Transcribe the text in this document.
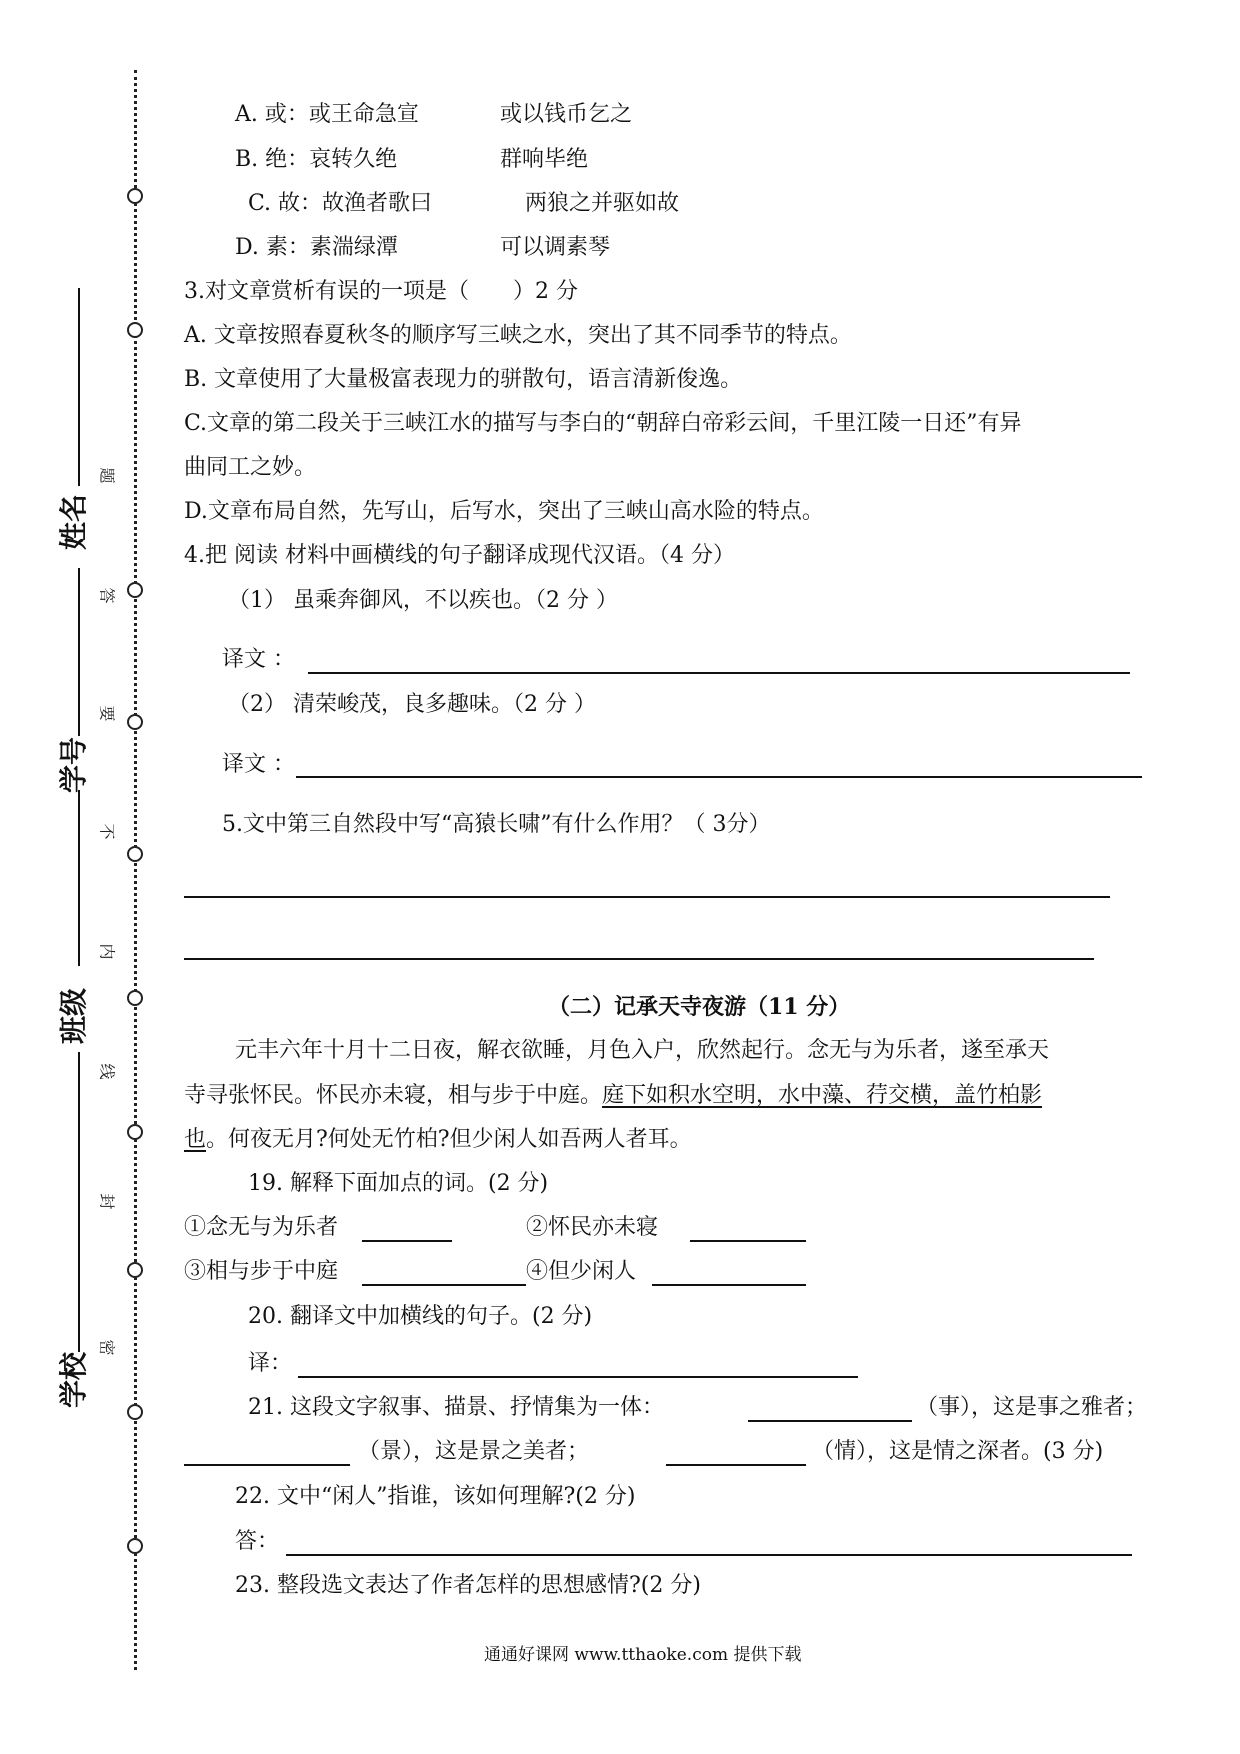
姓名
学号
班级
学校
题
答
要
不
内
线
封
密
A. 或：或王命急宣	或以钱币乞之
B. 绝：哀转久绝	群响毕绝
C. 故：故渔者歌曰	两狼之并驱如故
D. 素：素湍绿潭	可以调素琴
3.对文章赏析有误的一项是（　　）2 分
A. 文章按照春夏秋冬的顺序写三峡之水，突出了其不同季节的特点。
B. 文章使用了大量极富表现力的骈散句，语言清新俊逸。
C.文章的第二段关于三峡江水的描写与李白的“朝辞白帝彩云间，千里江陵一日还”有异
曲同工之妙。
D.文章布局自然，先写山，后写水，突出了三峡山高水险的特点。
4.把 阅读 材料中画横线的句子翻译成现代汉语。（4 分）
（1） 虽乘奔御风，不以疾也。（2 分 ）
译文 ：
（2） 清荣峻茂，良多趣味。（2 分 ）
译文 ：
5.文中第三自然段中写“高猿长啸”有什么作用？（ 3分）
（二）记承天寺夜游（11 分）
元丰六年十月十二日夜，解衣欲睡，月色入户，欣然起行。念无与为乐者，遂至承天
寺寻张怀民。怀民亦未寝，相与步于中庭。庭下如积水空明，水中藻、荇交横，盖竹柏影
也。何夜无月?何处无竹柏?但少闲人如吾两人者耳。
19. 解释下面加点的词。(2 分)
①念无与为乐者	②怀民亦未寝
③相与步于中庭	④但少闲人
20. 翻译文中加横线的句子。(2 分)
译：
21. 这段文字叙事、描景、抒情集为一体：	（事），这是事之雅者；
（景），这是景之美者；	（情），这是情之深者。(3 分)
22. 文中“闲人”指谁，该如何理解?(2 分)
答：
23. 整段选文表达了作者怎样的思想感情?(2 分)
通通好课网 www.tthaoke.com 提供下载
